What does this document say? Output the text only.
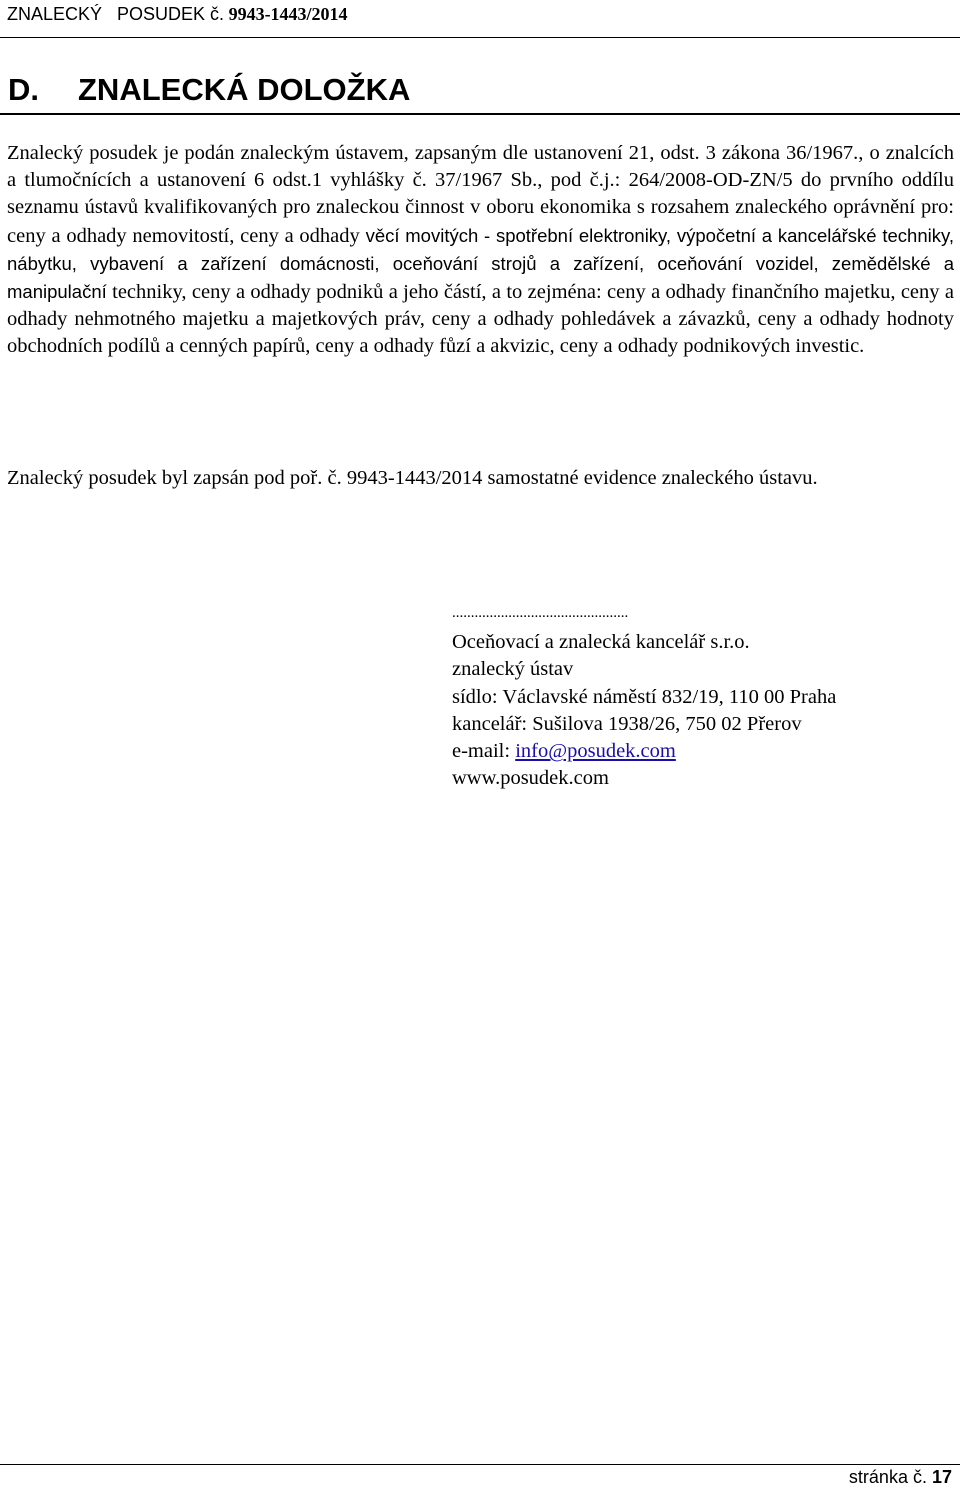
ZNALECKÝ   POSUDEK č. 9943-1443/2014
D. ZNALECKÁ DOLOŽKA
Znalecký posudek je podán znaleckým ústavem, zapsaným dle ustanovení 21, odst. 3 zákona 36/1967., o znalcích a tlumočnících a ustanovení 6 odst.1 vyhlášky č. 37/1967 Sb., pod č.j.: 264/2008-OD-ZN/5 do prvního oddílu seznamu ústavů kvalifikovaných pro znaleckou činnost v oboru ekonomika s rozsahem znaleckého oprávnění pro: ceny a odhady nemovitostí, ceny a odhady věcí movitých - spotřební elektroniky, výpočetní a kancelářské techniky, nábytku, vybavení a zařízení domácnosti, oceňování strojů a zařízení, oceňování vozidel, zemědělské a manipulační techniky, ceny a odhady podniků a jeho částí, a to zejména: ceny a odhady finančního majetku, ceny a odhady nehmotného majetku a majetkových práv, ceny a odhady pohledávek a závazků, ceny a odhady hodnoty obchodních podílů a cenných papírů, ceny a odhady fůzí a akvizic, ceny a odhady podnikových investic.
Znalecký posudek byl zapsán pod poř. č. 9943-1443/2014 samostatné evidence znaleckého ústavu.
...............................................
Oceňovací a znalecká kancelář s.r.o.
znalecký ústav
sídlo: Václavské náměstí 832/19, 110 00 Praha
kancelář: Sušilova 1938/26, 750 02 Přerov
e-mail: info@posudek.com
www.posudek.com
stránka č. 17
